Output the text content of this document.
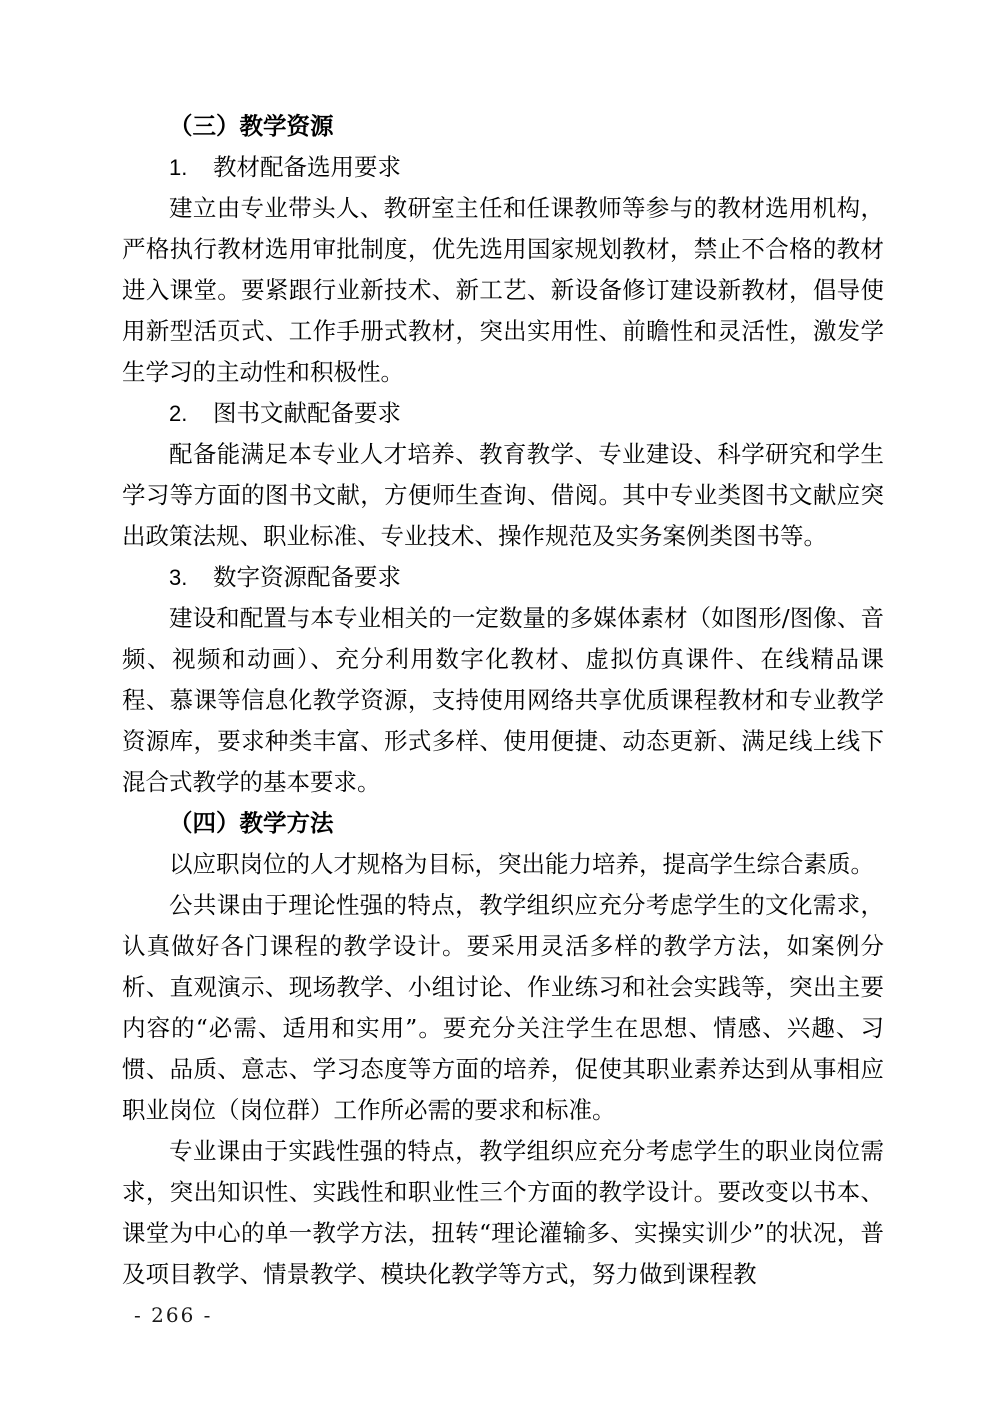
（三）教学资源
1. 教材配备选用要求

建立由专业带头人、教研室主任和任课教师等参与的教材选用机构，严格执行教材选用审批制度，优先选用国家规划教材，禁止不合格的教材进入课堂。要紧跟行业新技术、新工艺、新设备修订建设新教材，倡导使用新型活页式、工作手册式教材，突出实用性、前瞻性和灵活性，激发学生学习的主动性和积极性。

2. 图书文献配备要求

配备能满足本专业人才培养、教育教学、专业建设、科学研究和学生学习等方面的图书文献，方便师生查询、借阅。其中专业类图书文献应突出政策法规、职业标准、专业技术、操作规范及实务案例类图书等。

3. 数字资源配备要求

建设和配置与本专业相关的一定数量的多媒体素材（如图形/图像、音频、视频和动画）、充分利用数字化教材、虚拟仿真课件、在线精品课程、慕课等信息化教学资源，支持使用网络共享优质课程教材和专业教学资源库，要求种类丰富、形式多样、使用便捷、动态更新、满足线上线下混合式教学的基本要求。

（四）教学方法

以应职岗位的人才规格为目标，突出能力培养，提高学生综合素质。

公共课由于理论性强的特点，教学组织应充分考虑学生的文化需求，认真做好各门课程的教学设计。要采用灵活多样的教学方法，如案例分析、直观演示、现场教学、小组讨论、作业练习和社会实践等，突出主要内容的“必需、适用和实用”。要充分关注学生在思想、情感、兴趣、习惯、品质、意志、学习态度等方面的培养，促使其职业素养达到从事相应职业岗位（岗位群）工作所必需的要求和标准。

专业课由于实践性强的特点，教学组织应充分考虑学生的职业岗位需求，突出知识性、实践性和职业性三个方面的教学设计。要改变以书本、课堂为中心的单一教学方法，扭转“理论灌输多、实操实训少”的状况，普及项目教学、情景教学、模块化教学等方式，努力做到课程教

- 266 -
